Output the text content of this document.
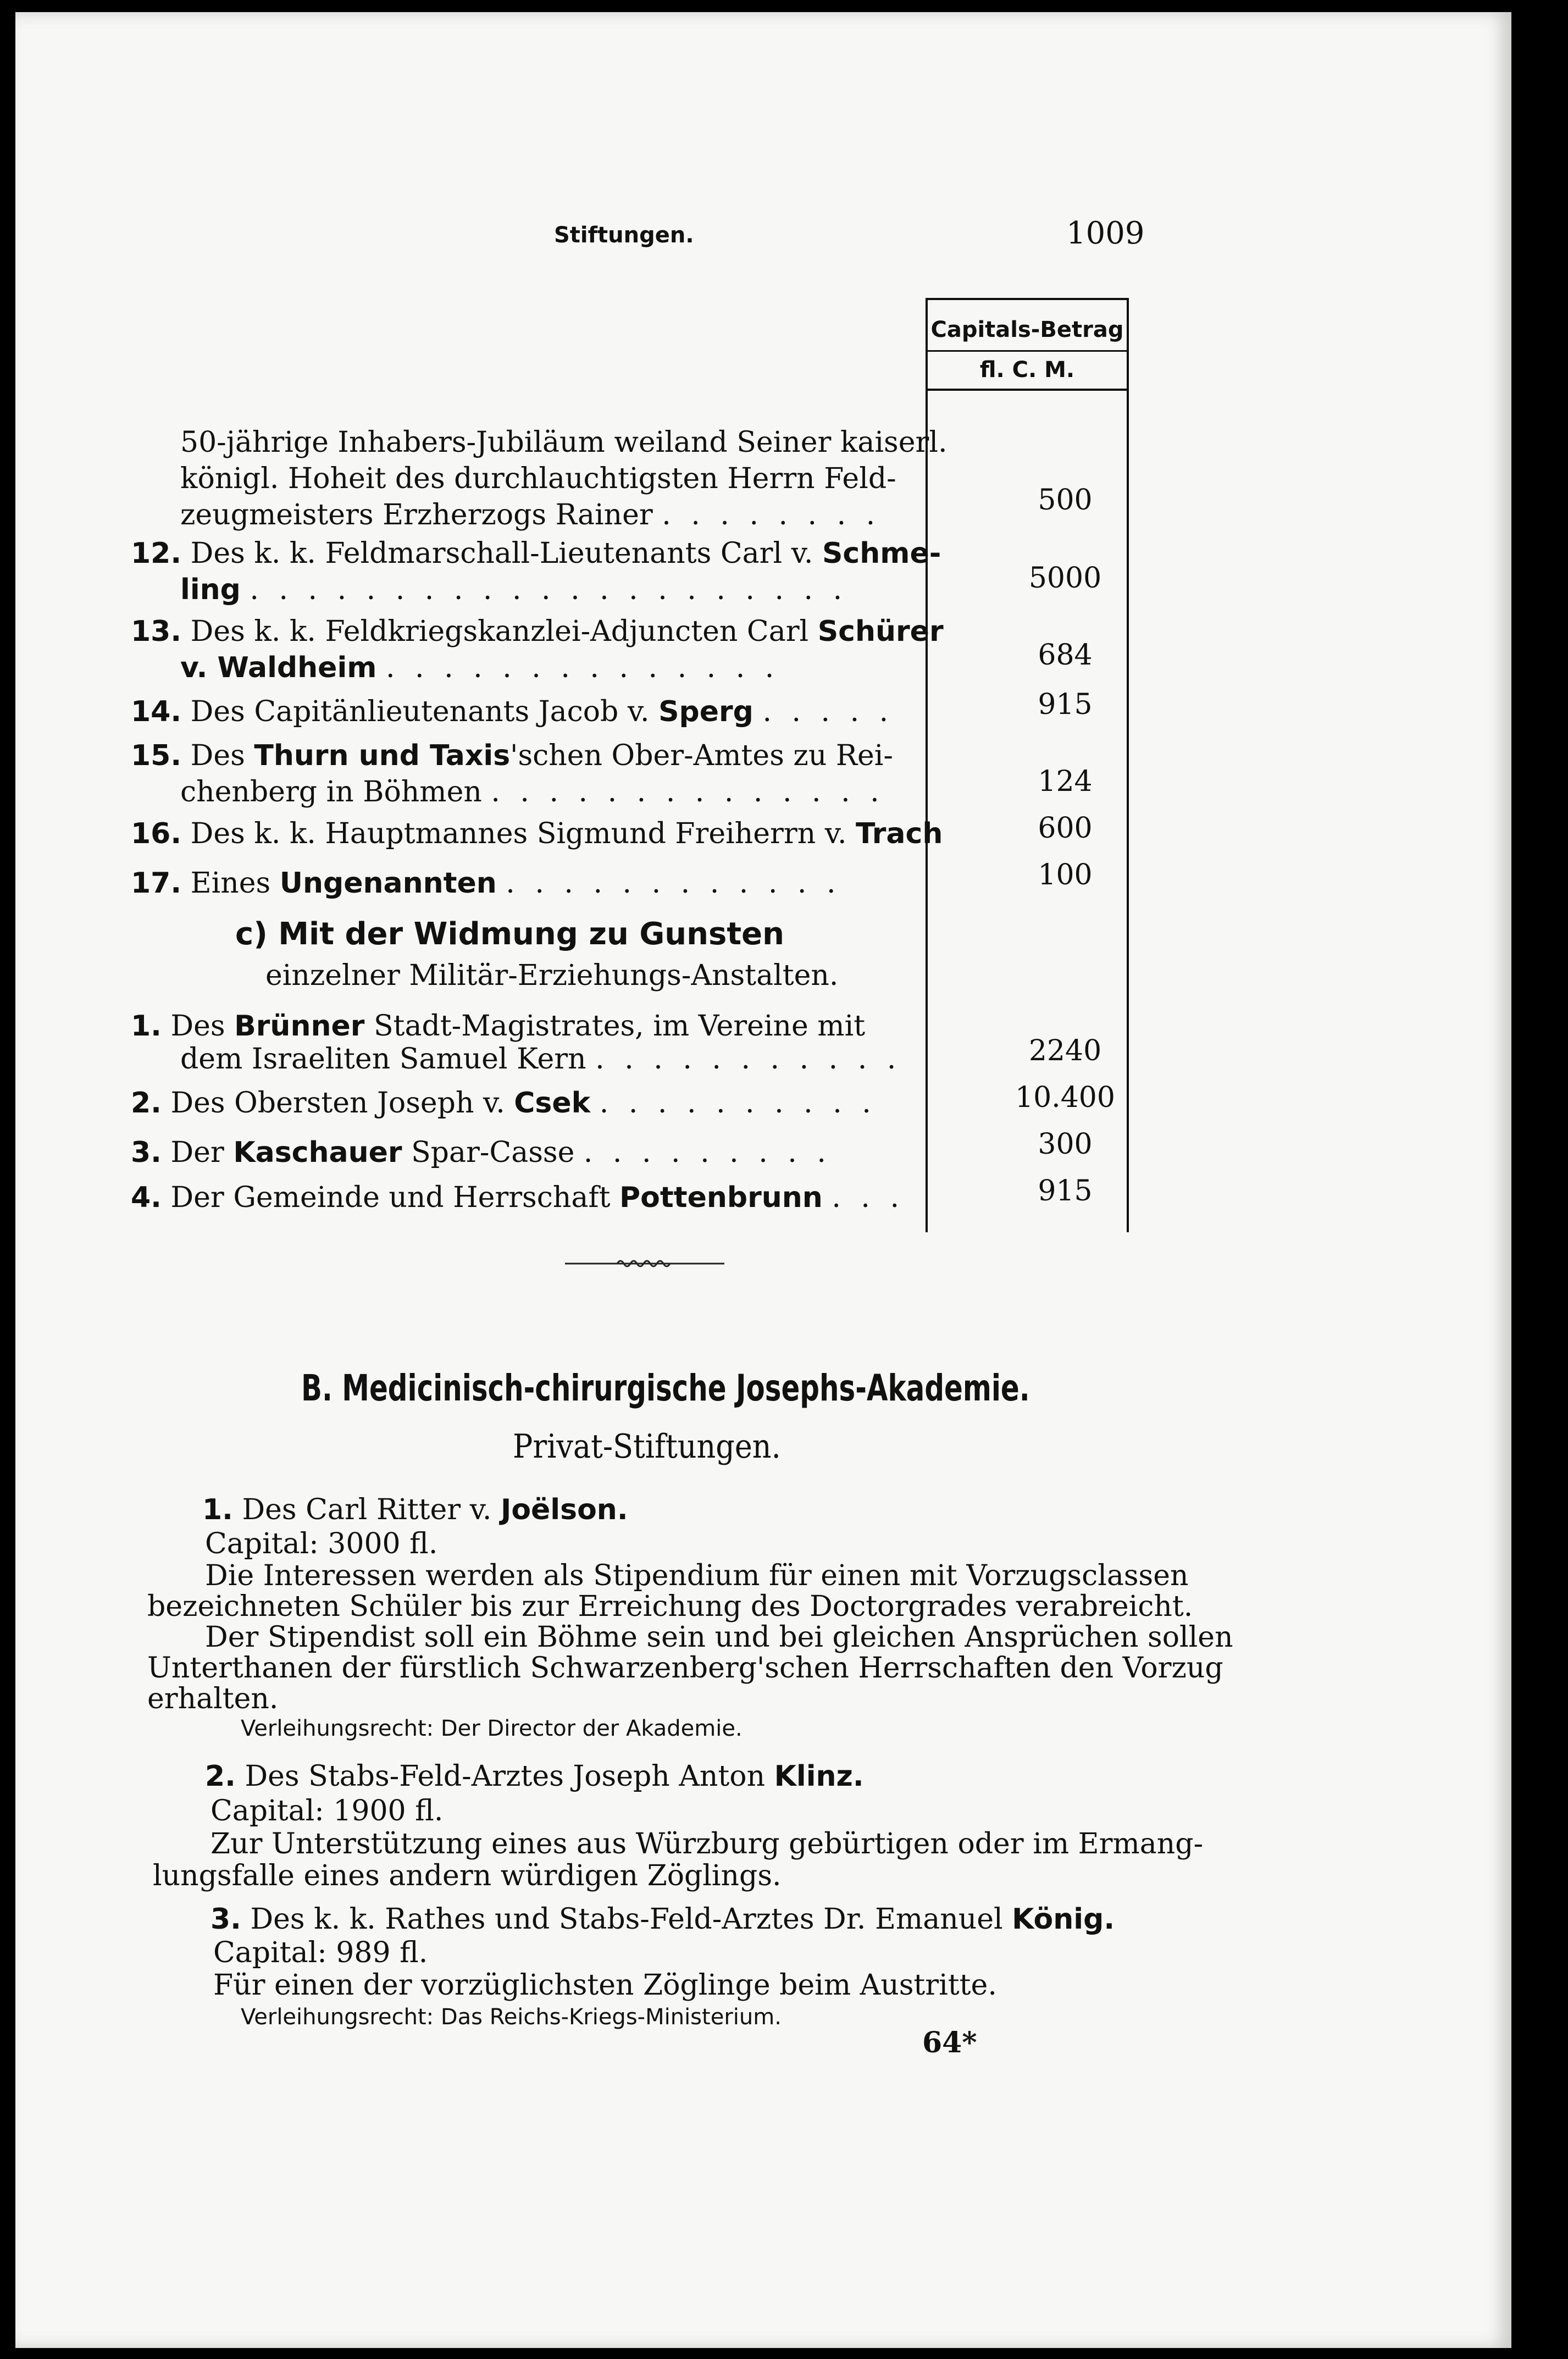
Stiftungen.	1009
Capitals-Betrag
fl. C. M.
50-jährige Inhabers-Jubiläum weiland Seiner kaiserl.
königl. Hoheit des durchlauchtigsten Herrn Feld-
zeugmeisters Erzherzogs Rainer . . . . . . . .	500
12. Des k. k. Feldmarschall-Lieutenants Carl v. Schme-
ling . . . . . . . . . . . . . . . . . . . . .	5000
13. Des k. k. Feldkriegskanzlei-Adjuncten Carl Schürer
v. Waldheim . . . . . . . . . . . . . .	684
14. Des Capitänlieutenants Jacob v. Sperg . . . . .	915
15. Des Thurn und Taxis'schen Ober-Amtes zu Rei-
chenberg in Böhmen . . . . . . . . . . . . . .	124
16. Des k. k. Hauptmannes Sigmund Freiherrn v. Trach	600
17. Eines Ungenannten . . . . . . . . . . . .	100
c) Mit der Widmung zu Gunsten
einzelner Militär-Erziehungs-Anstalten.
1. Des Brünner Stadt-Magistrates, im Vereine mit
dem Israeliten Samuel Kern . . . . . . . . . . .	2240
2. Des Obersten Joseph v. Csek . . . . . . . . . .	10.400
3. Der Kaschauer Spar-Casse . . . . . . . . .	300
4. Der Gemeinde und Herrschaft Pottenbrunn . . .	915
B. Medicinisch-chirurgische Josephs-Akademie.
Privat-Stiftungen.
1. Des Carl Ritter v. Joëlson.
Capital: 3000 fl.
Die Interessen werden als Stipendium für einen mit Vorzugsclassen
bezeichneten Schüler bis zur Erreichung des Doctorgrades verabreicht.
Der Stipendist soll ein Böhme sein und bei gleichen Ansprüchen sollen
Unterthanen der fürstlich Schwarzenberg'schen Herrschaften den Vorzug
erhalten.
Verleihungsrecht: Der Director der Akademie.
2. Des Stabs-Feld-Arztes Joseph Anton Klinz.
Capital: 1900 fl.
Zur Unterstützung eines aus Würzburg gebürtigen oder im Ermang-
lungsfalle eines andern würdigen Zöglings.
3. Des k. k. Rathes und Stabs-Feld-Arztes Dr. Emanuel König.
Capital: 989 fl.
Für einen der vorzüglichsten Zöglinge beim Austritte.
Verleihungsrecht: Das Reichs-Kriegs-Ministerium.
64*
